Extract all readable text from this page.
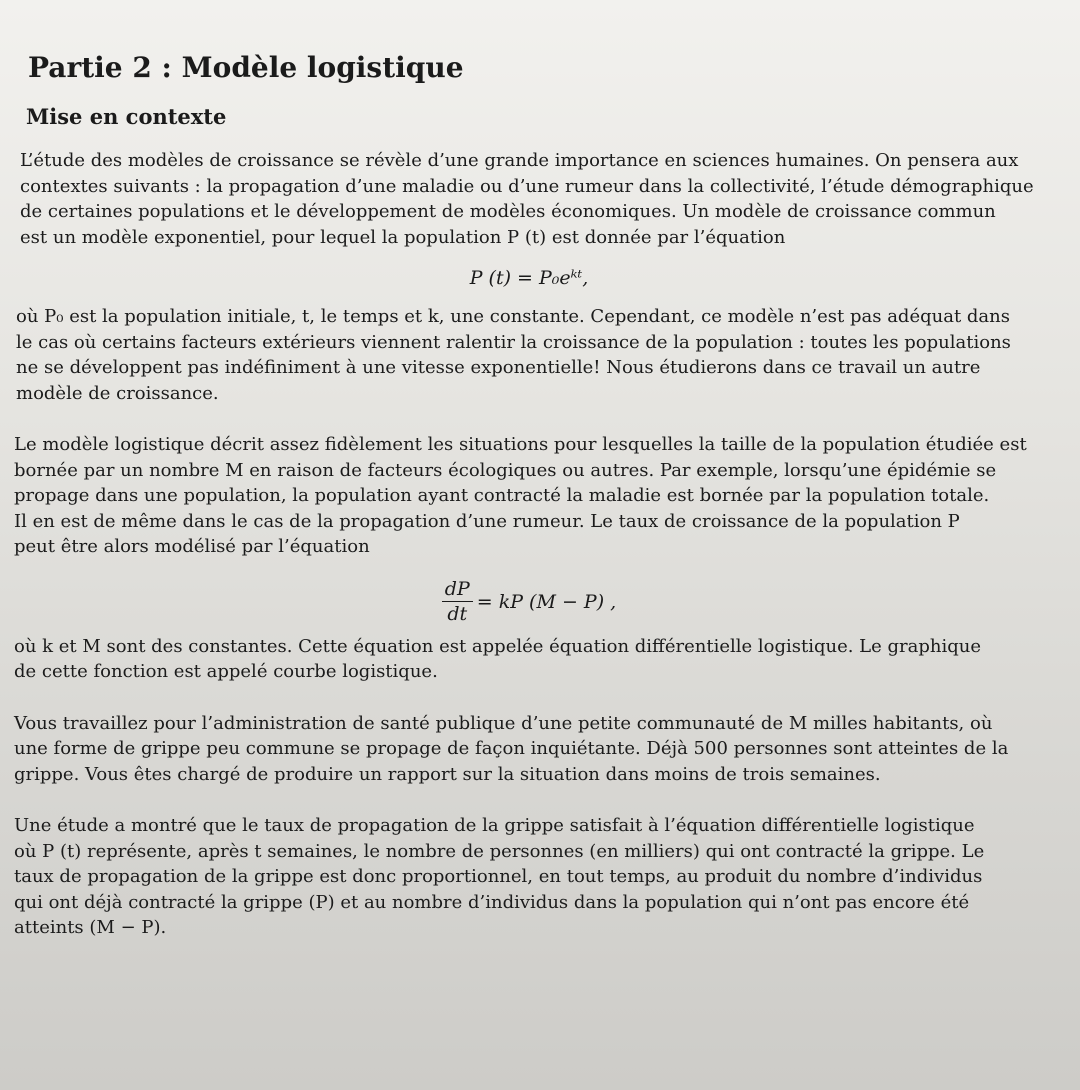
Partie 2 : Modèle logistique
Mise en contexte

L’étude des modèles de croissance se révèle d’une grande importance en sciences humaines. On pensera aux
contextes suivants : la propagation d’une maladie ou d’une rumeur dans la collectivité, l’étude démographique
de certaines populations et le développement de modèles économiques. Un modèle de croissance commun
est un modèle exponentiel, pour lequel la population P (t) est donnée par l’équation

P (t) = P₀eᵏᵗ,

où P₀ est la population initiale, t, le temps et k, une constante. Cependant, ce modèle n’est pas adéquat dans
le cas où certains facteurs extérieurs viennent ralentir la croissance de la population : toutes les populations
ne se développent pas indéfiniment à une vitesse exponentielle! Nous étudierons dans ce travail un autre
modèle de croissance.

Le modèle logistique décrit assez fidèlement les situations pour lesquelles la taille de la population étudiée est
bornée par un nombre M en raison de facteurs écologiques ou autres. Par exemple, lorsqu’une épidémie se
propage dans une population, la population ayant contracté la maladie est bornée par la population totale.
Il en est de même dans le cas de la propagation d’une rumeur. Le taux de croissance de la population P
peut être alors modélisé par l’équation

$\frac{dP}{dt}$ = kP (M − P) ,

où k et M sont des constantes. Cette équation est appelée équation différentielle logistique. Le graphique
de cette fonction est appelé courbe logistique.

Vous travaillez pour l’administration de santé publique d’une petite communauté de M milles habitants, où
une forme de grippe peu commune se propage de façon inquiétante. Déjà 500 personnes sont atteintes de la
grippe. Vous êtes chargé de produire un rapport sur la situation dans moins de trois semaines.

Une étude a montré que le taux de propagation de la grippe satisfait à l’équation différentielle logistique
où P (t) représente, après t semaines, le nombre de personnes (en milliers) qui ont contracté la grippe. Le
taux de propagation de la grippe est donc proportionnel, en tout temps, au produit du nombre d’individus
qui ont déjà contracté la grippe (P) et au nombre d’individus dans la population qui n’ont pas encore été
atteints (M − P).
